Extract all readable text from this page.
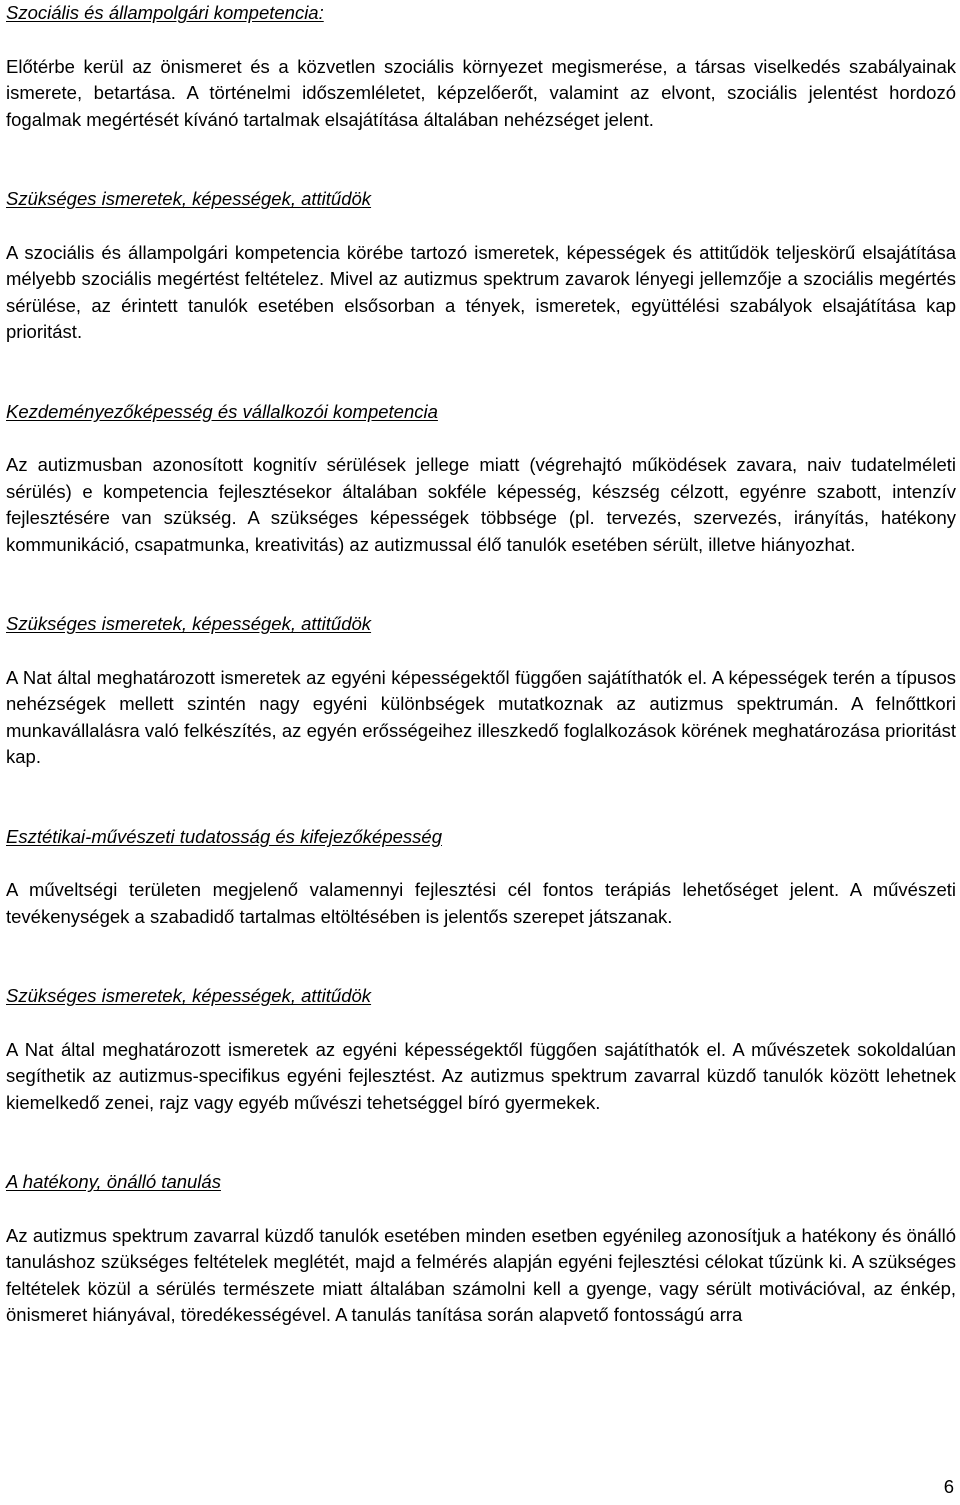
Szociális és állampolgári kompetencia:

Előtérbe kerül az önismeret és a közvetlen szociális környezet megismerése, a társas viselkedés szabályainak ismerete, betartása. A történelmi időszemléletet, képzelőerőt, valamint az elvont, szociális jelentést hordozó fogalmak megértését kívánó tartalmak elsajátítása általában nehézséget jelent.

Szükséges ismeretek, képességek, attitűdök

A szociális és állampolgári kompetencia körébe tartozó ismeretek, képességek és attitűdök teljeskörű elsajátítása mélyebb szociális megértést feltételez. Mivel az autizmus spektrum zavarok lényegi jellemzője a szociális megértés sérülése, az érintett tanulók esetében elsősorban a tények, ismeretek, együttélési szabályok elsajátítása kap prioritást.

Kezdeményezőképesség és vállalkozói kompetencia

Az autizmusban azonosított kognitív sérülések jellege miatt (végrehajtó működések zavara, naiv tudatelméleti sérülés) e kompetencia fejlesztésekor általában sokféle képesség, készség célzott, egyénre szabott, intenzív fejlesztésére van szükség. A szükséges képességek többsége (pl. tervezés, szervezés, irányítás, hatékony kommunikáció, csapatmunka, kreativitás) az autizmussal élő tanulók esetében sérült, illetve hiányozhat.

Szükséges ismeretek, képességek, attitűdök

A Nat által meghatározott ismeretek az egyéni képességektől függően sajátíthatók el. A képességek terén a típusos nehézségek mellett szintén nagy egyéni különbségek mutatkoznak az autizmus spektrumán. A felnőttkori munkavállalásra való felkészítés, az egyén erősségeihez illeszkedő foglalkozások körének meghatározása prioritást kap.

Esztétikai-művészeti tudatosság és kifejezőképesség

A műveltségi területen megjelenő valamennyi fejlesztési cél fontos terápiás lehetőséget jelent. A művészeti tevékenységek a szabadidő tartalmas eltöltésében is jelentős szerepet játszanak.

Szükséges ismeretek, képességek, attitűdök

A Nat által meghatározott ismeretek az egyéni képességektől függően sajátíthatók el. A művészetek sokoldalúan segíthetik az autizmus-specifikus egyéni fejlesztést. Az autizmus spektrum zavarral küzdő tanulók között lehetnek kiemelkedő zenei, rajz vagy egyéb művészi tehetséggel bíró gyermekek.

A hatékony, önálló tanulás

Az autizmus spektrum zavarral küzdő tanulók esetében minden esetben egyénileg azonosítjuk a hatékony és önálló tanuláshoz szükséges feltételek meglétét, majd a felmérés alapján egyéni fejlesztési célokat tűzünk ki. A szükséges feltételek közül a sérülés természete miatt általában számolni kell a gyenge, vagy sérült motivációval, az énkép, önismeret hiányával, töredékességével. A tanulás tanítása során alapvető fontosságú arra

6
